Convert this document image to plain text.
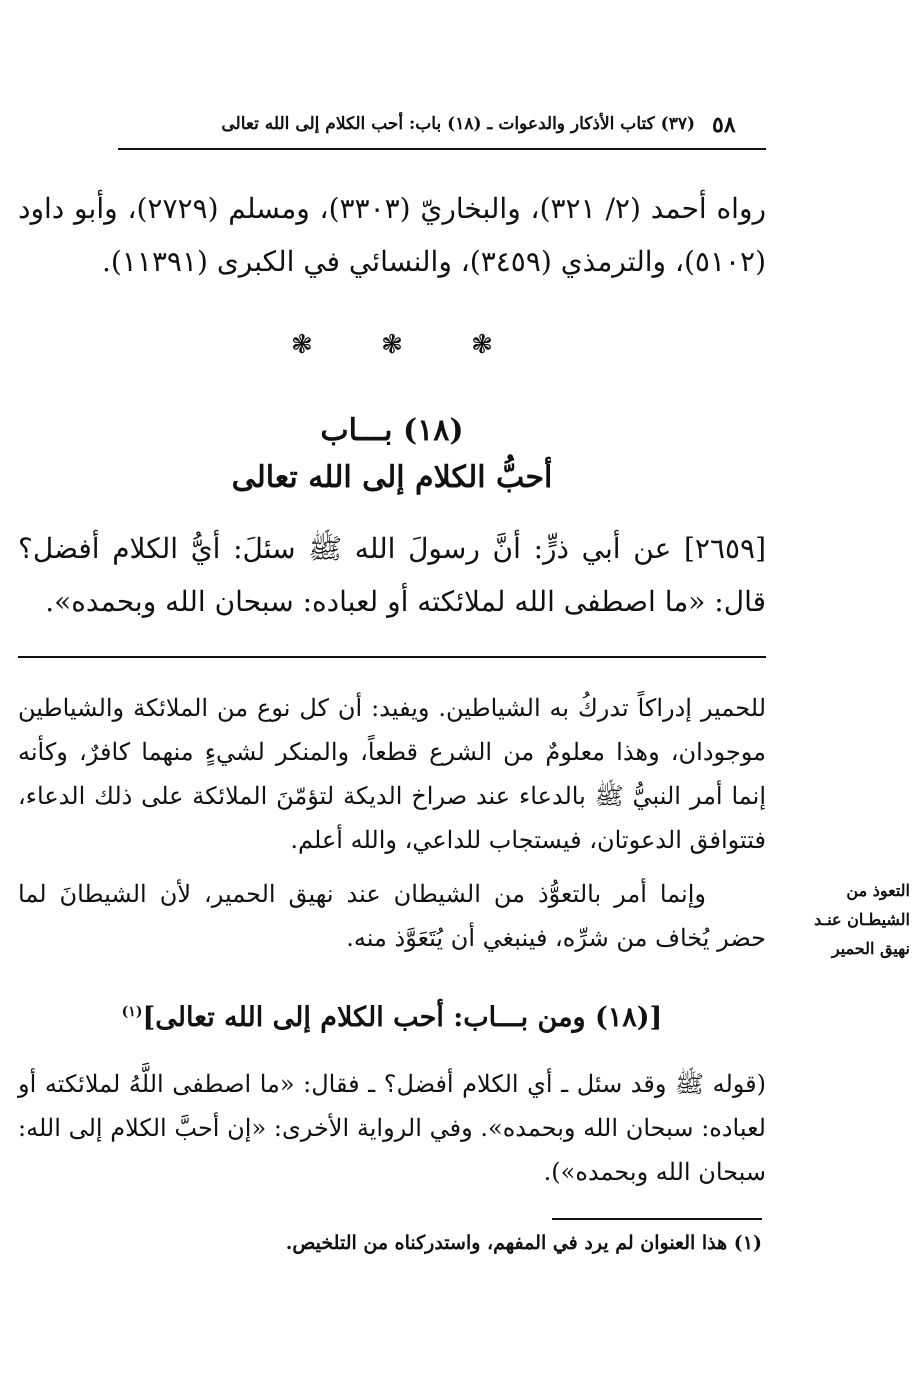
٥٨
(٣٧) كتاب الأذكار والدعوات ـ (١٨) باب: أحب الكلام إلى الله تعالى
رواه أحمد (٢/ ٣٢١)، والبخاريّ (٣٣٠٣)، ومسلم (٢٧٢٩)، وأبو داود (٥١٠٢)، والترمذي (٣٤٥٩)، والنسائي في الكبرى (١١٣٩١).
❃	❃	❃
(١٨) بـــاب
أحبُّ الكلام إلى الله تعالى
[٢٦٥٩] عن أبي ذرٍّ: أنَّ رسولَ الله ﷺ سئلَ: أيُّ الكلام أفضل؟ قال: «ما اصطفى الله لملائكته أو لعباده: سبحان الله وبحمده».
للحمير إدراكاً تدركُ به الشياطين. ويفيد: أن كل نوع من الملائكة والشياطين موجودان، وهذا معلومٌ من الشرع قطعاً، والمنكر لشيءٍ منهما كافرٌ، وكأنه إنما أمر النبيُّ ﷺ بالدعاء عند صراخ الديكة لتؤمّنَ الملائكة على ذلك الدعاء، فتتوافق الدعوتان، فيستجاب للداعي، والله أعلم.
وإنما أمر بالتعوُّذ من الشيطان عند نهيق الحمير، لأن الشيطانَ لما حضر يُخاف من شرِّه، فينبغي أن يُتَعَوَّذ منه.
التعوذ من
الشيطـان عنـد
نهيق الحمير
[(١٨) ومن بـــاب: أحب الكلام إلى الله تعالى]$^{(١)}$
(قوله ﷺ وقد سئل ـ أي الكلام أفضل؟ ـ فقال: «ما اصطفى اللَّهُ لملائكته أو لعباده: سبحان الله وبحمده». وفي الرواية الأخرى: «إن أحبَّ الكلام إلى الله: سبحان الله وبحمده»).
(١) هذا العنوان لم يرد في المفهم، واستدركناه من التلخيص.
